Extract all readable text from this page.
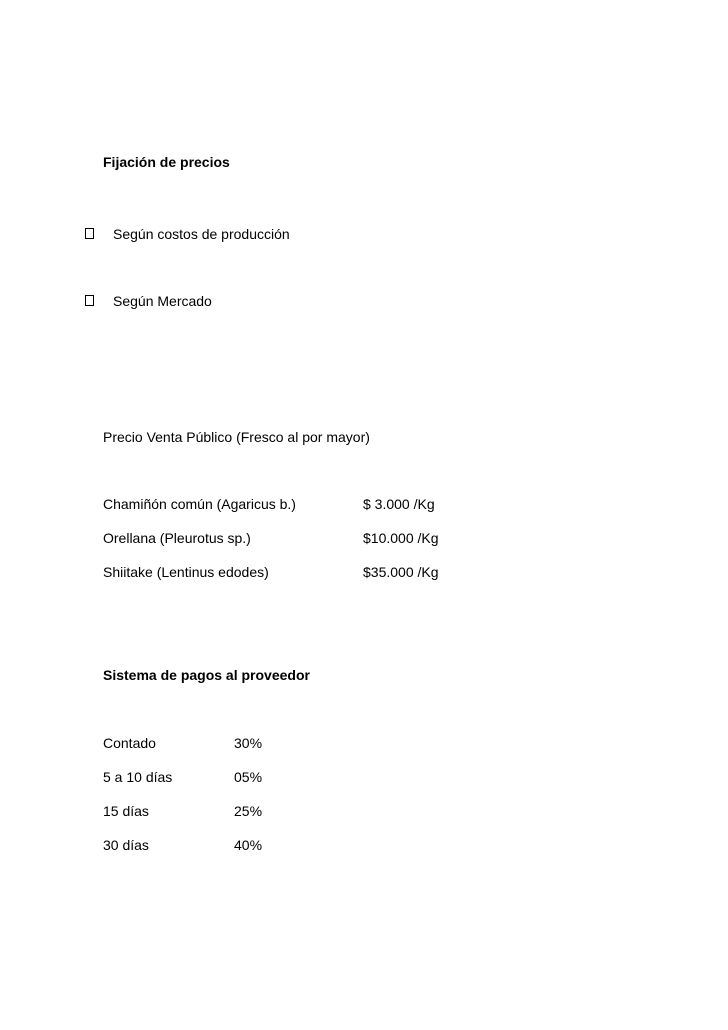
Fijación de precios

Según costos de producción

Según Mercado

Precio Venta Público (Fresco al por mayor)

Chamiñón común (Agaricus b.)	$ 3.000 /Kg

Orellana (Pleurotus sp.)	$10.000 /Kg

Shiitake (Lentinus edodes)	$35.000 /Kg

Sistema de pagos al proveedor

Contado	30%

5 a 10 días	05%

15 días	25%

30 días	40%
